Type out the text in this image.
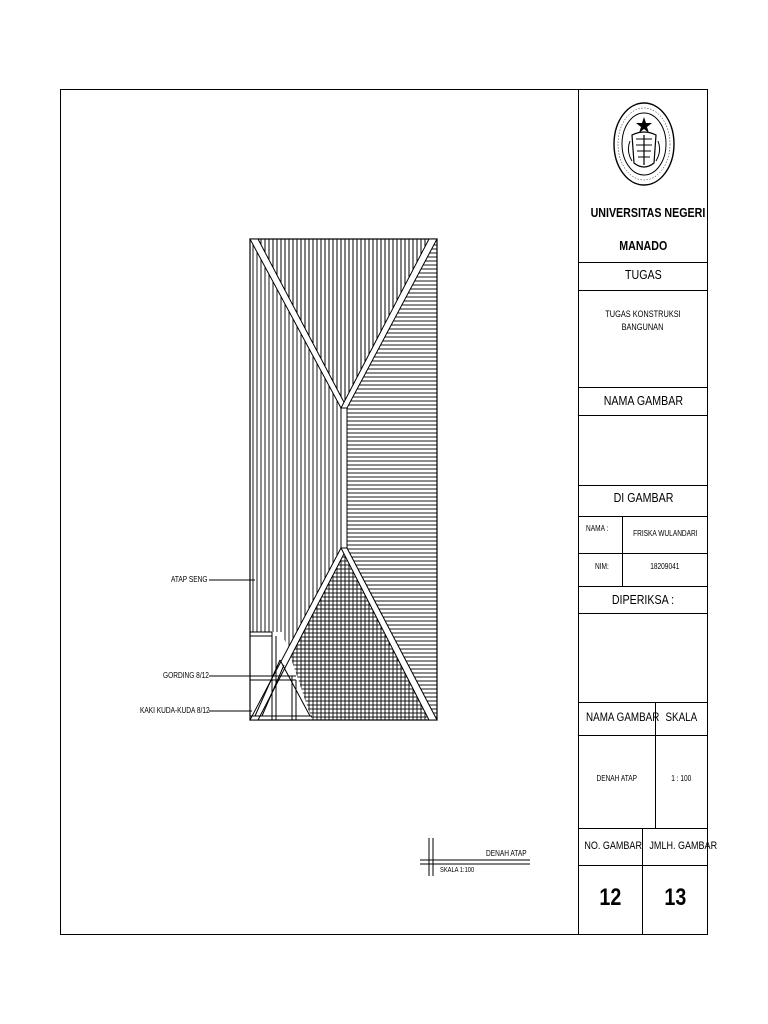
UNIVERSITAS NEGERI
MANADO
TUGAS
TUGAS KONSTRUKSI
BANGUNAN
NAMA GAMBAR
DI GAMBAR
NAMA :
FRISKA WULANDARI
NIM:	18209041
DIPERIKSA :
NAMA GAMBAR SKALA
DENAH ATAP	1 : 100
NO. GAMBAR JMLH. GAMBAR
12	13
ATAP SENG
GORDING 8/12
KAKI KUDA-KUDA 8/12
DENAH ATAP
SKALA 1:100
